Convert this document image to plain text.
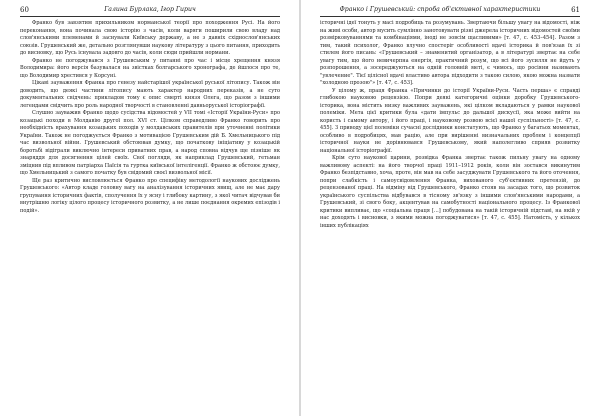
60	Галина Бурлака, Ігор Гирич

Франко був завзятим прихильником норманської теорії про походження Русі. На його переконання, вона починала свою історію з часів, коли варяги поширили свою владу над слов'янськими племенами й заснували Київську державу, а не з давніх східнослов'янських союзів. Грушевський же, детально розглянувши наукову літературу з цього питання, приходить до висновку, що Русь існувала задовго до часів, коли сюди прийшли нормани.

Франко не погоджувався з Грушевським у питанні про час і місце хрещення князя Володимира: його версія базувалася на звістках болгарського хронографа, де йшлося про те, що Володимир хрестився у Корсуні.

Цікаві зауваження Франка про генезу найстарішої української руської літопису. Також він доводить, що деякі частини літопису мають характер народних переказів, а не суто документальних свідчень: прикладом тому є опис смерті князя Олега, що разом з іншими легендами свідчить про роль народної творчості в становленні давньоруської історіографії.

Слушно зауважив Франко щодо сусідства відомостей у VII томі «Історії України-Руси» про козацькі походи в Молдавію другої пол. XVI ст. Цілком справедливо Франко говорить про необхідність врахування козацьких походів у молдавських правителів при уточненні політики України. Також не погоджується Франко з мотивацією Грушевським дій Б. Хмельницького під час визвольної війни. Грушевський обстоював думку, що початкову ініціативу у козацькій боротьбі відіграли виключно інтереси приватних прав, а народ сповна відчув ще пізніше як знаряддя для досягнення цілей своїх. Свої погляди, як наприклад Грушевський, гетьман зміцнив під впливом патріарха Паїсія та гуртка київської інтелігенції. Франко ж обстоює думку, що Хмельницький з самого початку був свідомий своєї визвольної місії.

Ще раз критично висловлюється Франко про специфіку методології наукових досліджень Грушевського: «Автор кладе головну вагу на аналізування історичних явищ, але не має дару групування історичних фактів, сполучення їх у ясну і глибоку картину, з якої читач відчував би внутрішню логіку цілого процесу історичного розвитку, а не лише поєднання окремих епізодів і подій».

Франко і Грушевський: спроба об'єктивної характеристики	61

історичні ідеї тонуть у масі подробиць та розумувань. Звертаючи більшу увагу на відомості, ніж на живі особи, автор мусить сумлінно занотовувати різні джерела історичних відомостей своїми розмірковуваннями та комбінаціями, іноді не зовсім щасливими» [т. 47, с. 453–454]. Разом з тим, такий психолог, Франко влучно спостеріг особливості вдачі історика й пов'язав їх зі стилем його писань: «Грушевський – знаменитий організатор, а в літературі звертає на себе увагу тим, що його невичерпна енергія, практичний розум, що всі його зусилля не йдуть у розпорошення, а зосереджуються на одній головній меті, є чимось, що росіяни називають "увлечение". Тієї цілісної вдачі властиво автора підходити з такою силою, якою можна назвати "холодною прозою"» [т. 47, с. 453].

У цілому ж, праця Франка «Причинки до історії України-Руси. Часть перша» є справді глибокою науковою рецензією. Попри деякі категоричні оцінки доробку Грушевського-історика, вона містить низку важливих зауважень, які цілком вкладаються у рамки наукової полеміки. Мета цієї критики була «дати імпульс до дальшої дискусії, яка може вийти на користь і самому автору, і його праці, і науковому розвою всієї нашої суспільності» [т. 47, с. 455]. З приводу цієї полеміки сучасні дослідники констатують, що Франко у багатьох моментах, особливо в подробицях, мав рацію, але при вирішенні визначальних проблем і концепції історичної науки не дорівнювався Грушевському, який наполегливо сприяв розвитку національної історіографії.

Крім суто наукової царини, розвідка Франка звертає також пильну увагу на одному важливому аспекті: на його творчої праці 1911–1912 років, коли він зостався викинутим Франко безпідставно, хоча, проте, він мав на себе засуджувати Грушевського та його оточення, попри слабкість і самоусвідомлення Франка, вихованого суб'єктивних претензій, до рецензованої праці. На відміну від Грушевського, Франко стояв на засадах того, що розвиток українського суспільства відбувався в тісному зв'язку з іншими слов'янськими народами, а Грушевський, зі свого боку, акцентував на самобутності національного процесу. Із Франкової критики випливає, що «соціальна праця [...] побудована на такій історичній підставі, на якій у нас доходять і висновки, з якими можна погоджуватися» [т. 47, с. 455]. Натомість, у кількох інших публікаціях
